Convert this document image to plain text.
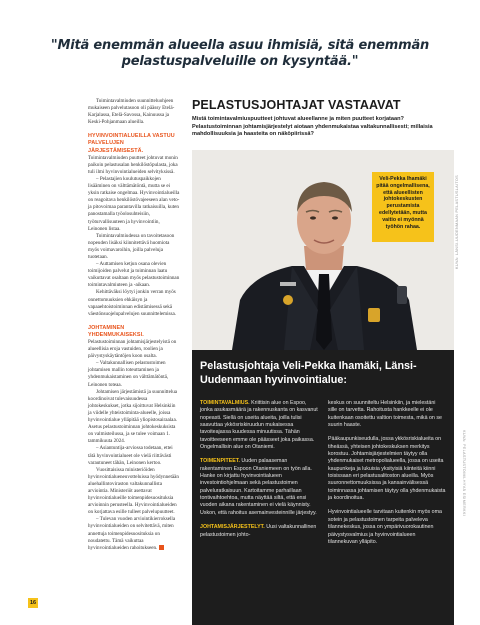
"Mitä enemmän alueella asuu ihmisiä, sitä enemmän
pelastuspalveluille on kysyntää."

Toimintavalmiuden suunnitteluohjeen mukaiseen palvelutasoon oli päässy Etelä-Karjalassa, Etelä-Savossa, Kainuussa ja Keski-Pohjanmaan alueilla.

HYVINVOINTIALUEILLA VASTUU PALVELUJEN JÄRJESTÄMISESTÄ. Toimintavalmiuden puutteet johtuvat monin paikoin pelastusalan henkilöstöpulasta, joka tuli ilmi hyvinvointialueiden selvityksissä.

– Pelastajien koulutuspaikkojen lisääminen on välttämätöntä, mutta se ei yksin ratkaise ongelmaa. Hyvinvointialueilla on reagoitava henkilöstövajeeseen alan veto- ja pitovoimaa parantavilla ratkaisuilla, kuten panostamalla työolosuhteisiin, työturvallisuuteen ja hyvinvointiin, Leinonen listaa.

Toimintavalmiudessa on tavoitetasoon nopeuden lisäksi kiinnitettävä huomiota myös voimavaroihin, joilla palveluja tuotetaan.

– Auttamisen ketjun osana olevien toimijoiden palvelut ja toiminnan laatu vaikuttavat osaltaan myös pelastustoiminnan toimintavalmiuteen ja -aikaan.

Kehittäväksi löytyi jonkin verran myös onnettomuuksien ehkäisyn ja vapaaehtoistoiminnan edistämisessä sekä väestönsuojelupalvelujen suunnittelemissa.

JOHTAMINEN YHDENMUKAISEKSI. Pelastustoiminnan johtamisjärjestelyistä on alueellisia eroja vastuiden, roolien ja päivystyskäytäntöjen koon osalta.

– Valtakunnallisen pelastustoimen johtamisen mallin toteuttaminen ja yhdenmukaistaminen on välttämätöntä, Leinonen toteaa.

Johtamisen järjestämistä ja suunnittelua koordinoivat tulevaisuudessa johtokeskukset, jotka sijoittuvat Helsinkiin ja viidelle yhteistoiminta-alueelle, joissa hyvinvointialue ylläpitää yliopistosairaalaa. Asetus pelastustoiminnan johtokeskuksista on valmisteilussa, ja se tulee voimaan 1. tammikuuta 2024.

– Asiantuntija-arviossa todetaan, ettei tätä hyvinvointialueet ole vielä riittävästi varautuneet tähän, Leinonen kertoo.

Vuosittaisissa ministeriöiden hyvinvointialueneuvotteluissa hyödynnetään aluehallintoviraston valtakunnallista arviointia. Ministeriöt asettavat hyvinvointialueille toimenpidesuosituksia arvioinnin perusteella. Hyvinvointialueiden on korjattava esille tulleet palvelupuutteet.

– Tulevan vuoden arviointikierroksella hyvinvointialueiden on selvitettävä, miten annettuja toimenpidesuosituksia on noudatettu. Tämä vaikuttaa hyvinvointialueiden rahoitukseen.

PELASTUSJOHTAJAT VASTAAVAT
Mistä toimintavalmiuspuutteet johtuvat alueellanne ja miten puutteet korjataan? Pelastustoiminnan johtamisjärjestelyt aiotaan yhdenmukaistaa valtakunnallisesti; millaisia mahdollisuuksia ja haasteita on näköpiirissä?
Veli-Pekka Ihamäki pitää ongelmallisena, että alueellisten johtokeskusten perustamista edellytetään, mutta vaitio ei myönnä työhön rahaa.	KUVA: LÄNSI-UUDENMAAN PELASTUSLAITOS
Pelastusjohtaja Veli-Pekka Ihamäki, Länsi-Uudenmaan hyvinvointialue:

TOIMINTAVALMIUS. Kriittisin alue on Espoo, jonka asukasmäärä ja rakennuskanta on kasvanut nopeasti. Siellä on useita alueita, joilla tulisi saavuttaa ykkösriskiruudun mukaisessa tavoiteajassa kuudessa minuutissa. Tähän tavoitteeseen emme ole päässeet joka paikassa. Ongelmallisin alue on Otaniemi.

TOIMENPITEET. Uuden palaaseman rakentaminen Espoon Otaniemeen on työn alla. Hanke on kirjattu hyvinvointialueen investointiohjelmaan sekä pelastustoimen palveluratkaisuun. Kartoitamme parhaillaan tontivaihtoehtoa, mutta näyttää siltä, että ensi vuoden aikana rakentaminen ei vielä käynnisty. Uskon, että rahoitus asemainvesteinnille järjestyy.

JOHTAMISJÄRJESTELYT. Uusi valtakunnallinen pelastustoimen johto-

keskus on suunniteltu Helsinkiin, ja mielestäni sille on tarvetta. Rahoitusta hankkeelle ei ole kuitenkaan osoitettu valtion toimesta, mikä on se suurin haaste.

Pääkaupunkiseudulla, jossa ykkösriskialueita on tiheässä, yhteisen johtokeskuksen merkitys korostuu. Johtamisjärjestelmien täytyy olla yhdenmukaiset metropolialueella, jossa on useita kaupunkeja ja lukuisia yksityisiä kiinteitä kiinni toisissaan eri pelastusalitoston alueilla. Myös suuronnettomuuksissa ja kansainvälisessä toiminnassa johtamisen täytyy olla yhdenmukaista ja koordinoitua.

Hyvinvointialueelle tarvitaan kuitenkin myös oma sotein ja pelastustoimen tarpeita palveleva tilannekeskus, jossa on ympärivuorokautinen päivystysvalmius ja hyvinvointialueen tilannekuvan ylläpito.

KUVA: PELASTUSTOIMI-HYVÄ ESIMERKKI
16
